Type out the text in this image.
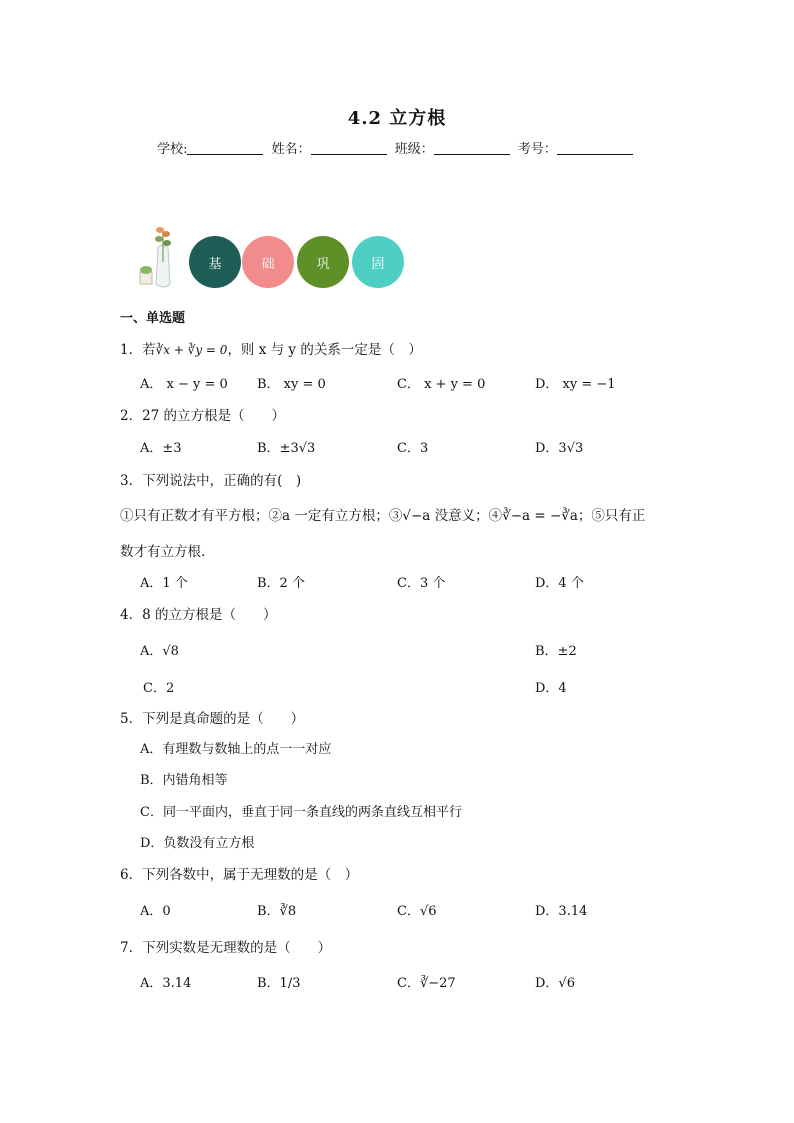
4.2 立方根
学校:	姓名：	班级：	考号：
基	础	巩	固
一、单选题
1．若∛x + ∛y = 0，则 x 与 y 的关系一定是（　）
A． x − y = 0 B． xy = 0	C． x + y = 0	D． xy = −1
2．27 的立方根是（　　）
A．±3	B．±3√3	C．3	D．3√3
3．下列说法中，正确的有(　)
①只有正数才有平方根；②a 一定有立方根；③√−a 没意义；④∛−a = −∛a；⑤只有正
数才有立方根.
A．1 个	B．2 个	C．3 个	D．4 个
4．8 的立方根是（　　）
A．√8	B．±2
C．2	D．4
5．下列是真命题的是（　　）
A．有理数与数轴上的点一一对应
B．内错角相等
C．同一平面内，垂直于同一条直线的两条直线互相平行
D．负数没有立方根
6．下列各数中，属于无理数的是（　）
A．0	B．∛8	C．√6	D．3.14
7．下列实数是无理数的是（　　）
A．3.14	B．1/3	C．∛−27	D．√6
